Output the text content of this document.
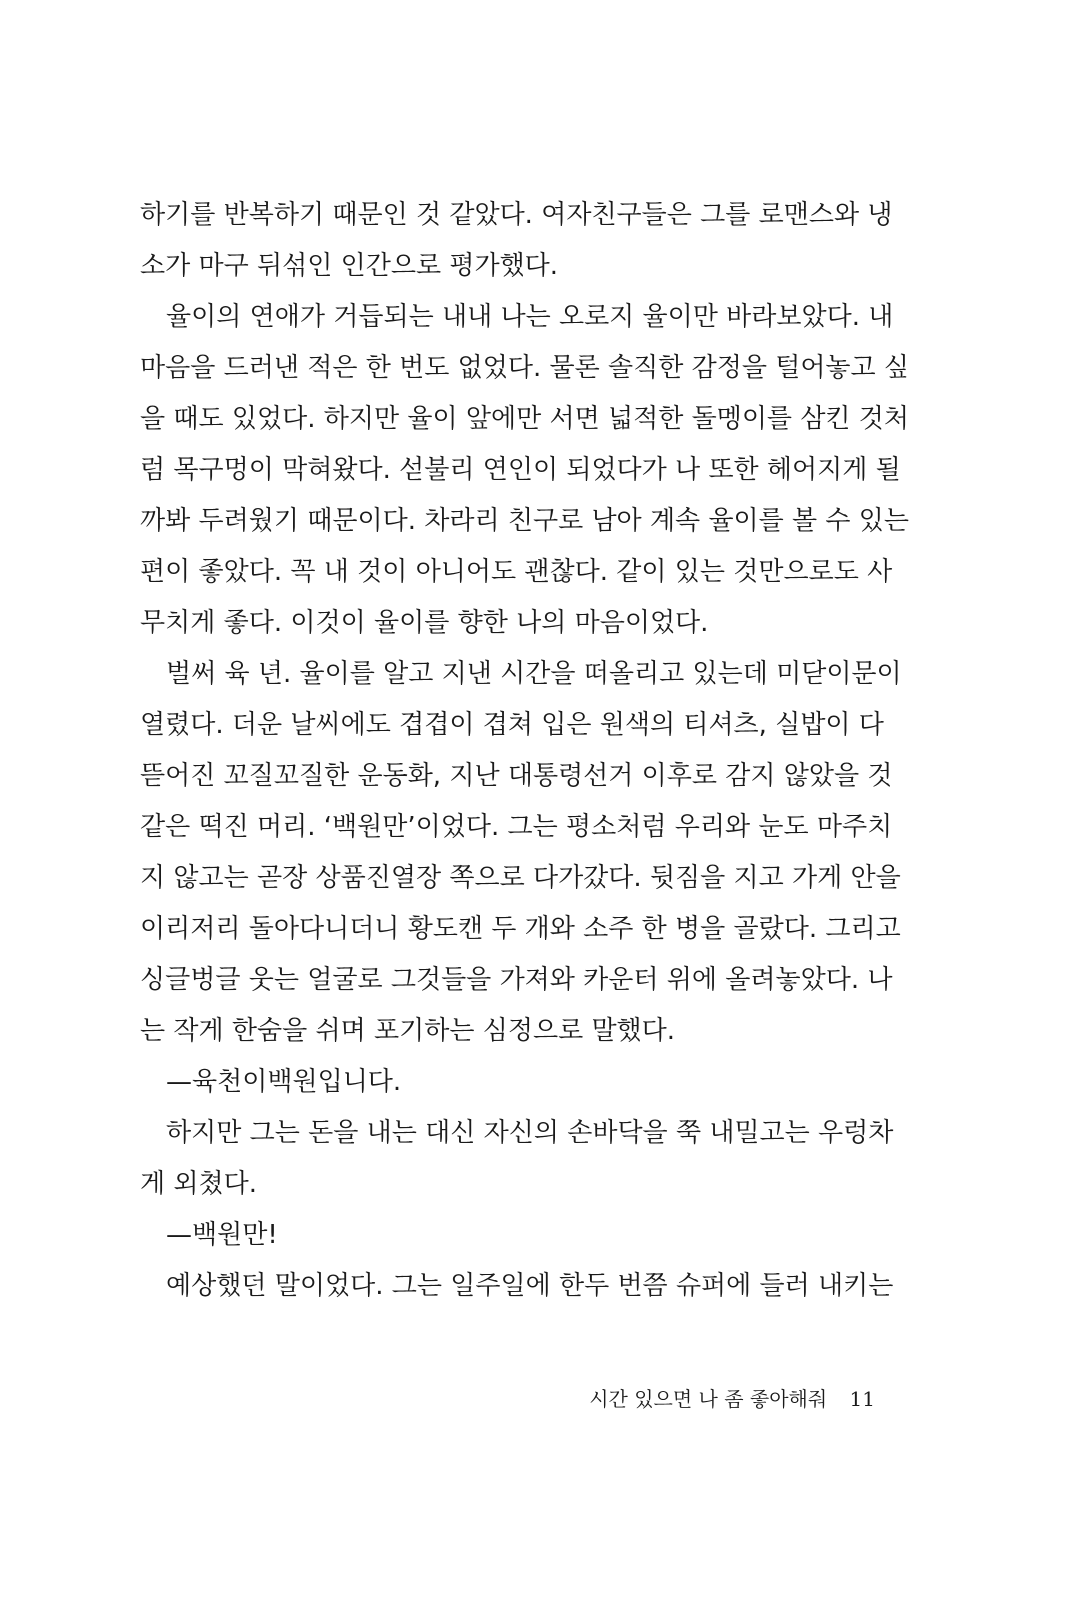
하기를 반복하기 때문인 것 같았다. 여자친구들은 그를 로맨스와 냉
소가 마구 뒤섞인 인간으로 평가했다.
율이의 연애가 거듭되는 내내 나는 오로지 율이만 바라보았다. 내
마음을 드러낸 적은 한 번도 없었다. 물론 솔직한 감정을 털어놓고 싶
을 때도 있었다. 하지만 율이 앞에만 서면 넓적한 돌멩이를 삼킨 것처
럼 목구멍이 막혀왔다. 섣불리 연인이 되었다가 나 또한 헤어지게 될
까봐 두려웠기 때문이다. 차라리 친구로 남아 계속 율이를 볼 수 있는
편이 좋았다. 꼭 내 것이 아니어도 괜찮다. 같이 있는 것만으로도 사
무치게 좋다. 이것이 율이를 향한 나의 마음이었다.
벌써 육 년. 율이를 알고 지낸 시간을 떠올리고 있는데 미닫이문이
열렸다. 더운 날씨에도 겹겹이 겹쳐 입은 원색의 티셔츠, 실밥이 다
뜯어진 꼬질꼬질한 운동화, 지난 대통령선거 이후로 감지 않았을 것
같은 떡진 머리. ‘백원만’이었다. 그는 평소처럼 우리와 눈도 마주치
지 않고는 곧장 상품진열장 쪽으로 다가갔다. 뒷짐을 지고 가게 안을
이리저리 돌아다니더니 황도캔 두 개와 소주 한 병을 골랐다. 그리고
싱글벙글 웃는 얼굴로 그것들을 가져와 카운터 위에 올려놓았다. 나
는 작게 한숨을 쉬며 포기하는 심정으로 말했다.
—육천이백원입니다.
하지만 그는 돈을 내는 대신 자신의 손바닥을 쭉 내밀고는 우렁차
게 외쳤다.
—백원만!
예상했던 말이었다. 그는 일주일에 한두 번쯤 슈퍼에 들러 내키는
시간 있으면 나 좀 좋아해줘 11
